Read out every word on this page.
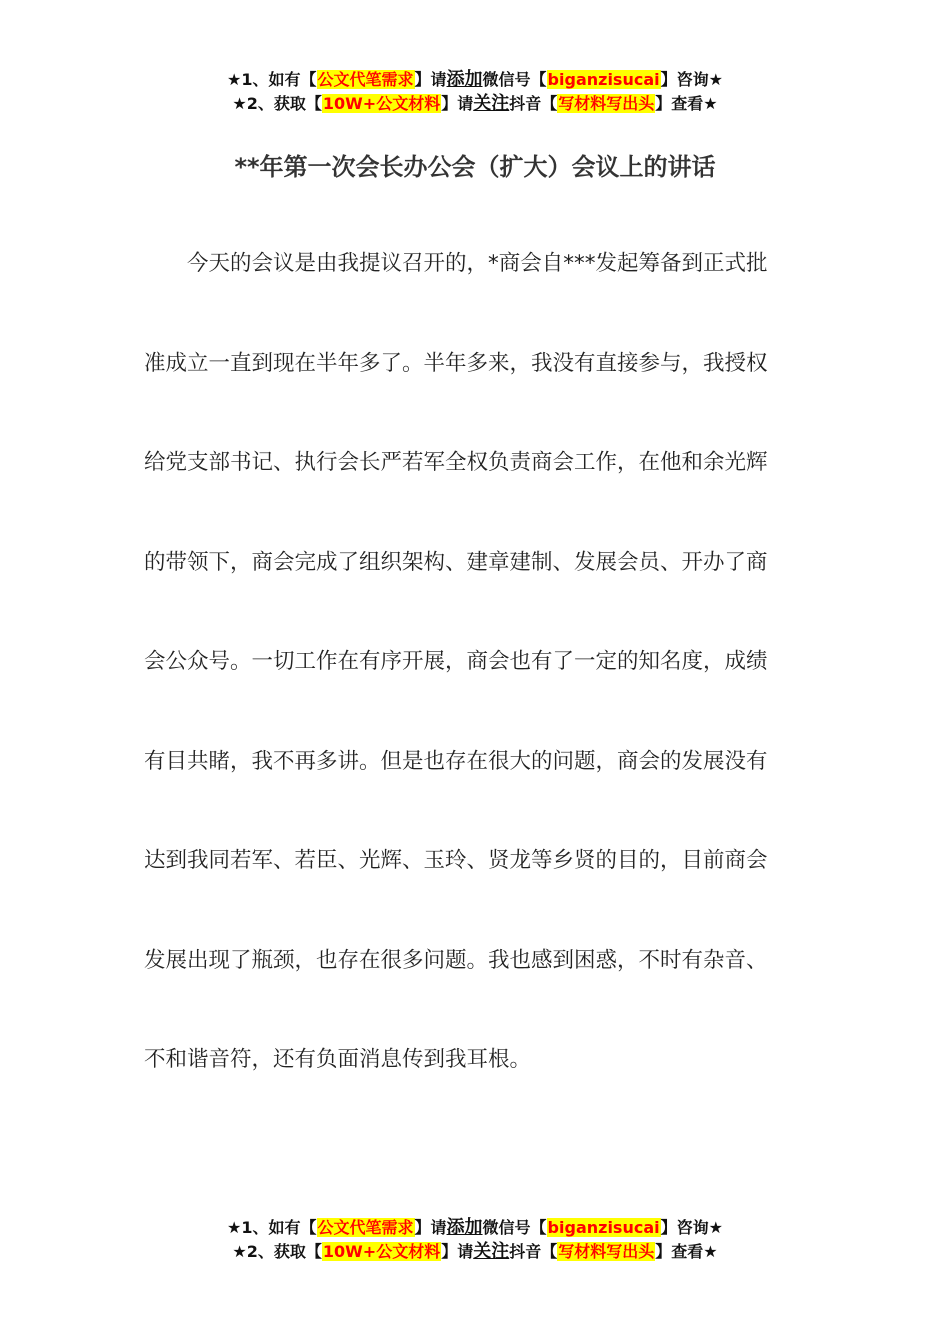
★1、如有【公文代笔需求】请添加微信号【biganzisucai】咨询★
★2、获取【10W+公文材料】请关注抖音【写材料写出头】查看★
**年第一次会长办公会（扩大）会议上的讲话
今天的会议是由我提议召开的，*商会自***发起筹备到正式批
准成立一直到现在半年多了。半年多来，我没有直接参与，我授权
给党支部书记、执行会长严若军全权负责商会工作，在他和余光辉
的带领下，商会完成了组织架构、建章建制、发展会员、开办了商
会公众号。一切工作在有序开展，商会也有了一定的知名度，成绩
有目共睹，我不再多讲。但是也存在很大的问题，商会的发展没有
达到我同若军、若臣、光辉、玉玲、贤龙等乡贤的目的，目前商会
发展出现了瓶颈，也存在很多问题。我也感到困惑，不时有杂音、
不和谐音符，还有负面消息传到我耳根。
★1、如有【公文代笔需求】请添加微信号【biganzisucai】咨询★
★2、获取【10W+公文材料】请关注抖音【写材料写出头】查看★
